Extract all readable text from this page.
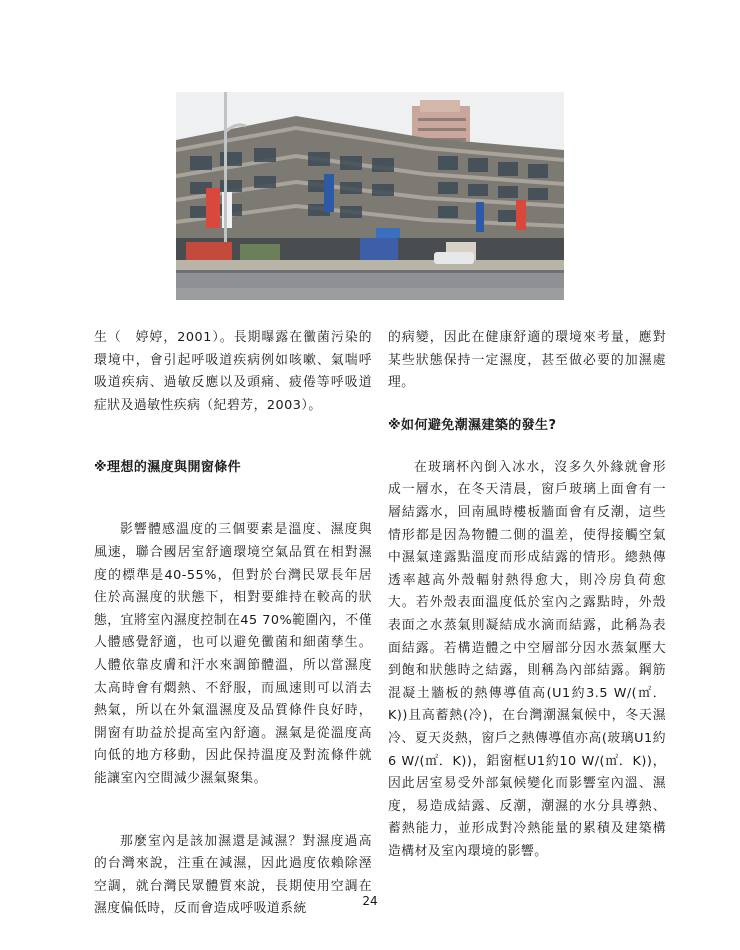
生（　婷婷，2001）。長期曝露在黴菌污染的環境中，會引起呼吸道疾病例如咳嗽、氣喘呼吸道疾病、過敏反應以及頭痛、疲倦等呼吸道症狀及過敏性疾病（紀碧芳，2003）。

※理想的濕度與開窗條件

影響體感溫度的三個要素是溫度、濕度與風速，聯合國居室舒適環境空氣品質在相對濕度的標準是40-55%，但對於台灣民眾長年居住於高濕度的狀態下，相對要維持在較高的狀態，宜將室內濕度控制在45 70%範圍內，不僅人體感覺舒適，也可以避免黴菌和細菌孳生。人體依靠皮膚和汗水來調節體溫，所以當濕度太高時會有燜熱、不舒服，而風速則可以消去熱氣，所以在外氣溫濕度及品質條件良好時，開窗有助益於提高室內舒適。濕氣是從溫度高向低的地方移動，因此保持溫度及對流條件就能讓室內空間減少濕氣聚集。

那麼室內是該加濕還是減濕？對濕度過高的台灣來說，注重在減濕，因此過度依賴除溼空調，就台灣民眾體質來說，長期使用空調在濕度偏低時，反而會造成呼吸道系統

的病變，因此在健康舒適的環境來考量，應對某些狀態保持一定濕度，甚至做必要的加濕處理。

※如何避免潮濕建築的發生?

在玻璃杯內倒入冰水，沒多久外緣就會形成一層水，在冬天清晨，窗戶玻璃上面會有一層結露水，回南風時樓板牆面會有反潮，這些情形都是因為物體二側的溫差，使得接觸空氣中濕氣達露點溫度而形成結露的情形。總熱傳透率越高外殼輻射熱得愈大，則冷房負荷愈大。若外殼表面溫度低於室內之露點時，外殼表面之水蒸氣則凝結成水滴而結露，此稱為表面結露。若構造體之中空層部分因水蒸氣壓大到飽和狀態時之結露，則稱為內部結露。鋼筋混凝土牆板的熱傳導值高(U1約3.5 W/(㎡．K))且高蓄熱(冷)，在台灣潮濕氣候中，冬天濕冷、夏天炎熱，窗戶之熱傳導值亦高(玻璃U1約6 W/(㎡．K))，鋁窗框U1約10 W/(㎡．K))，因此居室易受外部氣候變化而影響室內溫、濕度，易造成結露、反潮，潮濕的水分具導熱、蓄熱能力，並形成對冷熱能量的累積及建築構造構材及室內環境的影響。

24
